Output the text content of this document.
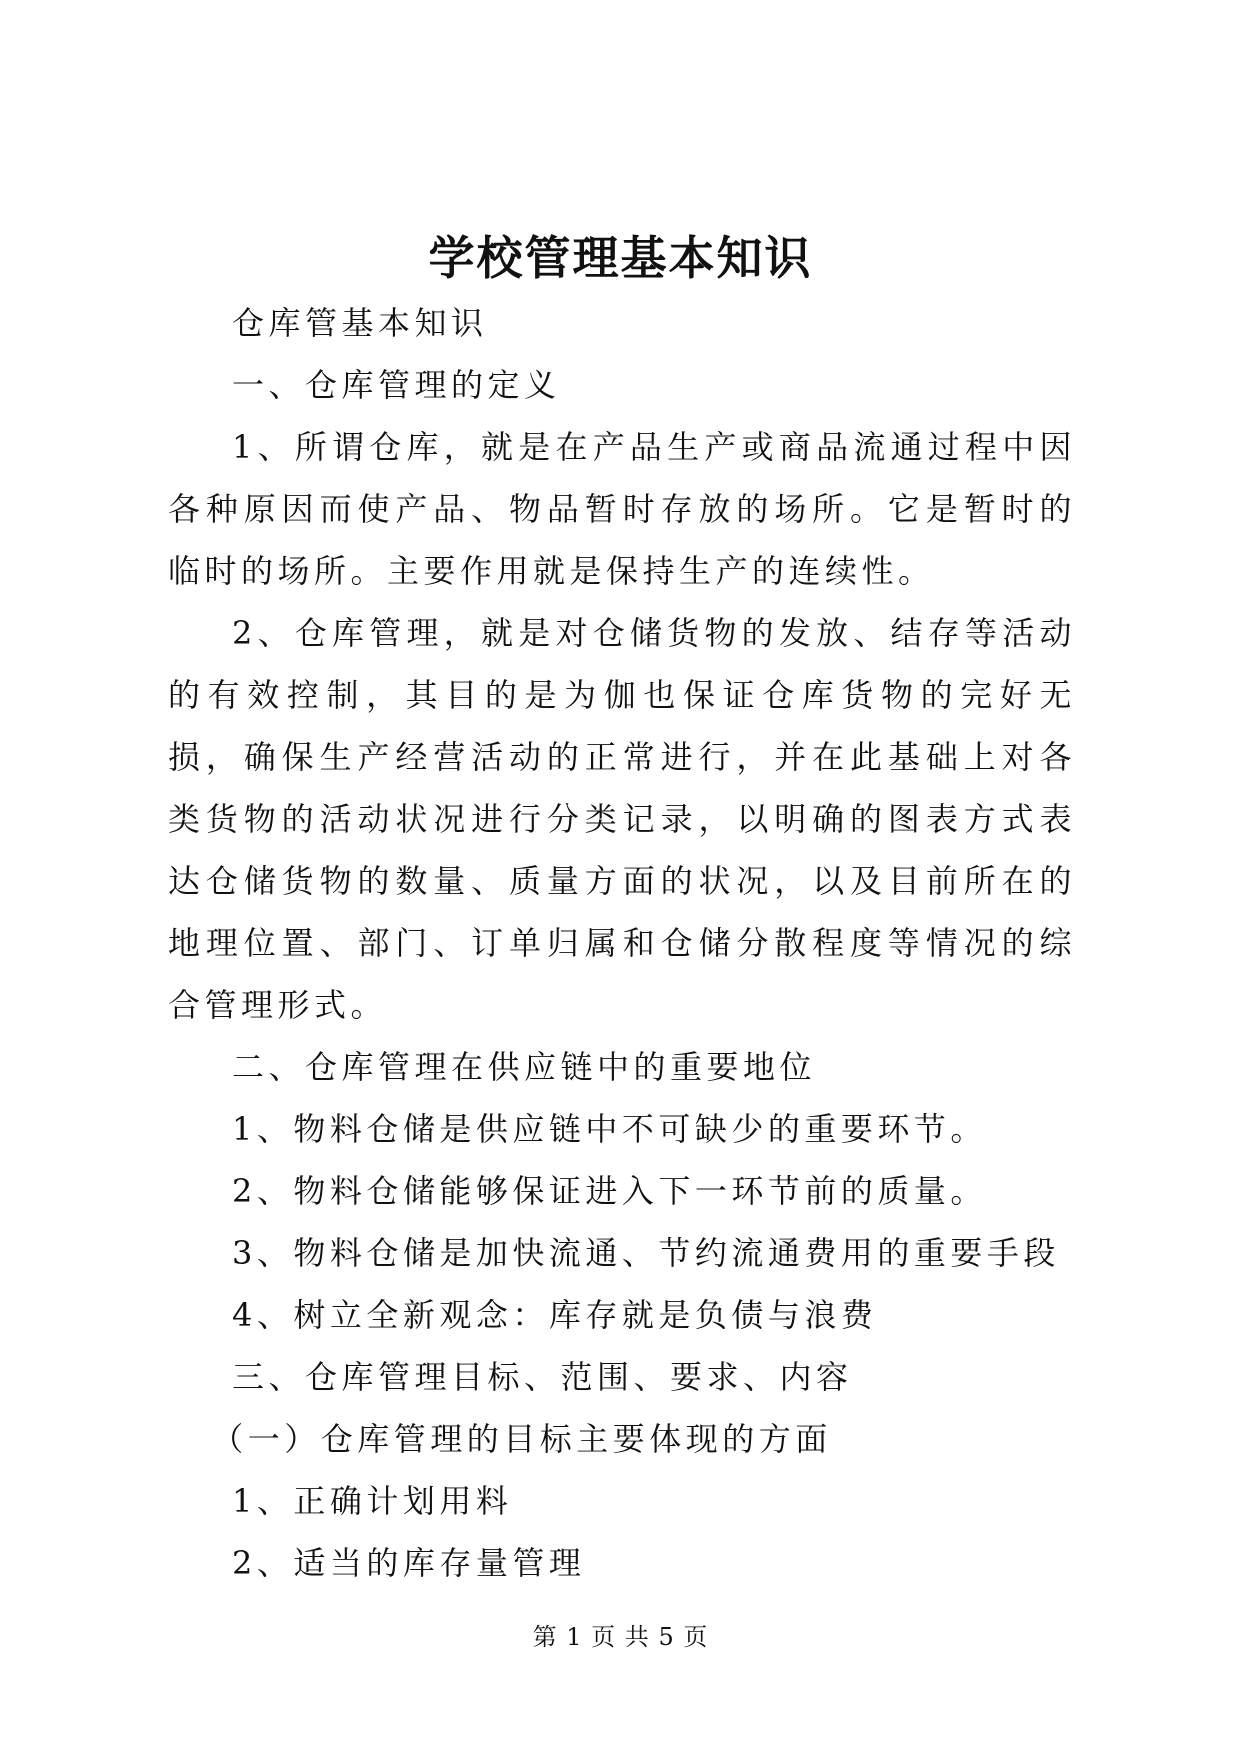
学校管理基本知识

仓库管基本知识

一、仓库管理的定义

1、所谓仓库，就是在产品生产或商品流通过程中因各种原因而使产品、物品暂时存放的场所。它是暂时的临时的场所。主要作用就是保持生产的连续性。

2、仓库管理，就是对仓储货物的发放、结存等活动的有效控制，其目的是为伽也保证仓库货物的完好无损，确保生产经营活动的正常进行，并在此基础上对各类货物的活动状况进行分类记录，以明确的图表方式表达仓储货物的数量、质量方面的状况，以及目前所在的地理位置、部门、订单归属和仓储分散程度等情况的综合管理形式。

二、仓库管理在供应链中的重要地位

1、物料仓储是供应链中不可缺少的重要环节。

2、物料仓储能够保证进入下一环节前的质量。

3、物料仓储是加快流通、节约流通费用的重要手段

4、树立全新观念：库存就是负债与浪费

三、仓库管理目标、范围、要求、内容

（一）仓库管理的目标主要体现的方面

1、正确计划用料

2、适当的库存量管理

第 1 页 共 5 页
